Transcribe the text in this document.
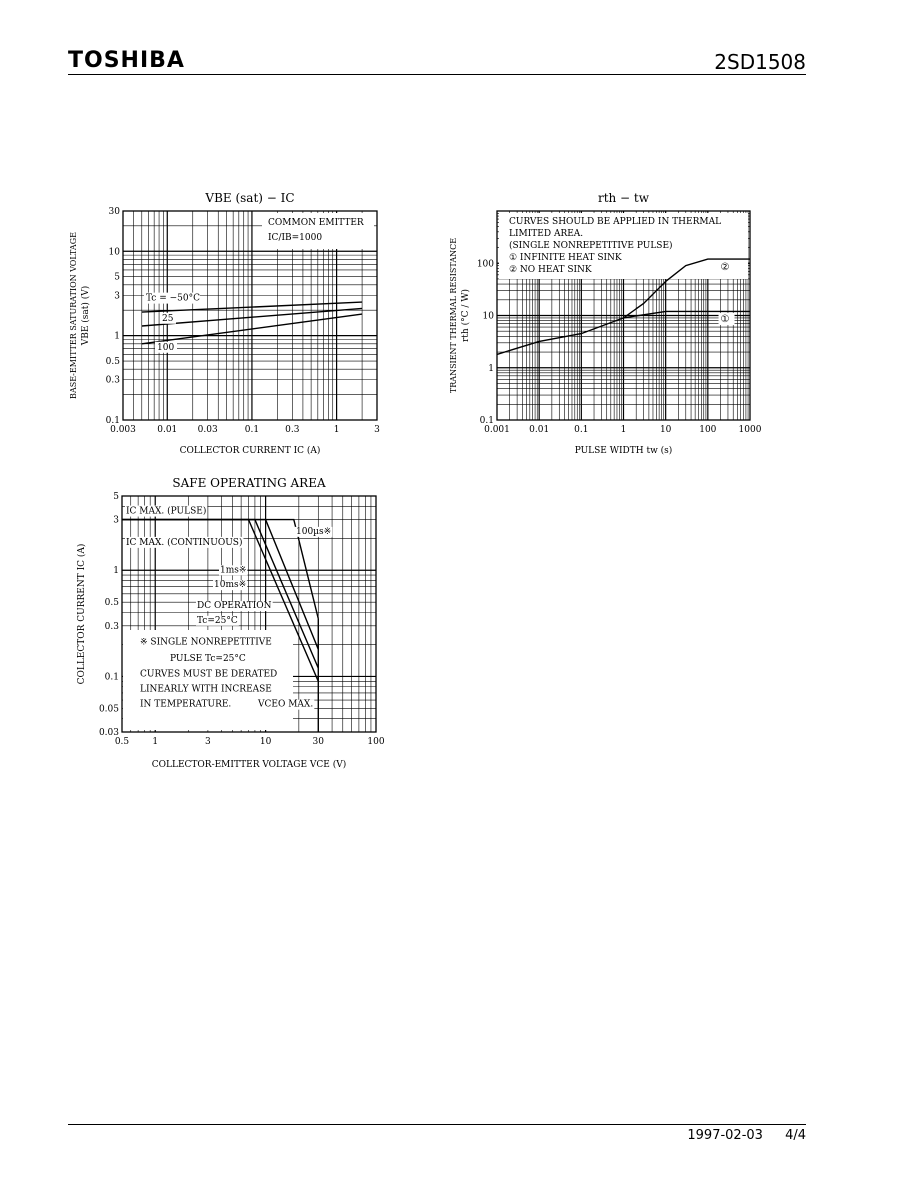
TOSHIBA	2SD1508
0.003 0.01 0.03	0.1	0.3	1	3
0.1
0.3
0.5
1
3
5
10
30
VBE (sat) − IC
COLLECTOR CURRENT IC (A)
BASE-EMITTER SATURATION VOLTAGE VBE (sat) (V)
COMMON EMITTER
IC/IB=1000
Tc = −50°C
25
100
0.001 0.01	0.1	1	10	100 1000
0.1
1
10
100
rth − tw
PULSE WIDTH tw (s)
TRANSIENT THERMAL RESISTANCE rth (°C / W)
CURVES SHOULD BE APPLIED IN THERMAL
LIMITED AREA.
(SINGLE NONREPETITIVE PULSE)
① INFINITE HEAT SINK
② NO HEAT SINK
①
②
0.5	1	3	10	30	100
0.03
0.05
0.1
0.3
0.5
1
3
5
SAFE OPERATING AREA
COLLECTOR-EMITTER VOLTAGE VCE (V)
COLLECTOR CURRENT IC (A)
IC MAX. (PULSE)
IC MAX. (CONTINUOUS)
100µs※
1ms※
10ms※
DC OPERATION
Tc=25°C
※ SINGLE NONREPETITIVE
PULSE Tc=25°C
CURVES MUST BE DERATED
LINEARLY WITH INCREASE
IN TEMPERATURE.	VCEO MAX.
1997-02-03 4/4
